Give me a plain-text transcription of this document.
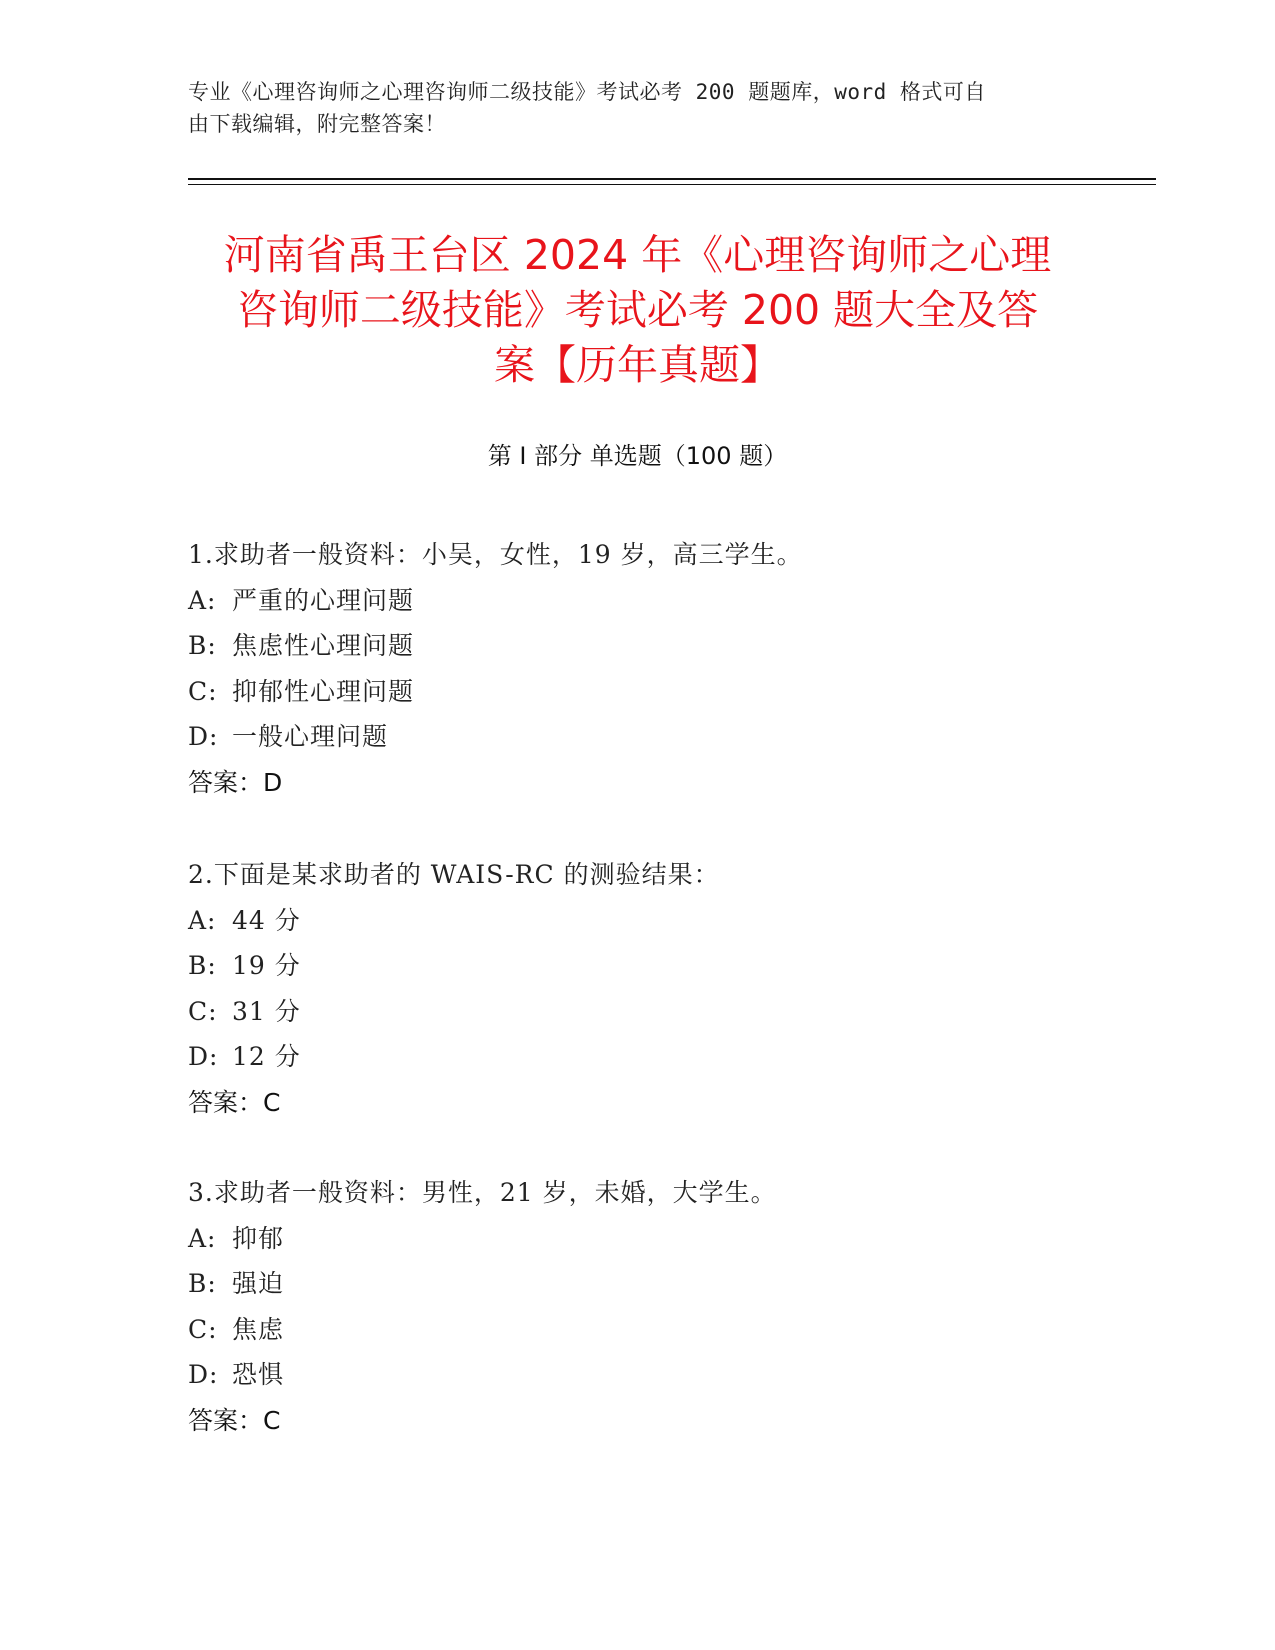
专业《心理咨询师之心理咨询师二级技能》考试必考 200 题题库，word 格式可自
由下载编辑，附完整答案！
河南省禹王台区 2024 年《心理咨询师之心理
咨询师二级技能》考试必考 200 题大全及答
案【历年真题】
第 I 部分 单选题（100 题）
1.求助者一般资料：小吴，女性，19 岁，高三学生。
A: 严重的心理问题
B: 焦虑性心理问题
C: 抑郁性心理问题
D: 一般心理问题
答案：D
2.下面是某求助者的 WAIS-RC 的测验结果：
A: 44 分
B: 19 分
C: 31 分
D: 12 分
答案：C
3.求助者一般资料：男性，21 岁，未婚，大学生。
A: 抑郁
B: 强迫
C: 焦虑
D: 恐惧
答案：C
